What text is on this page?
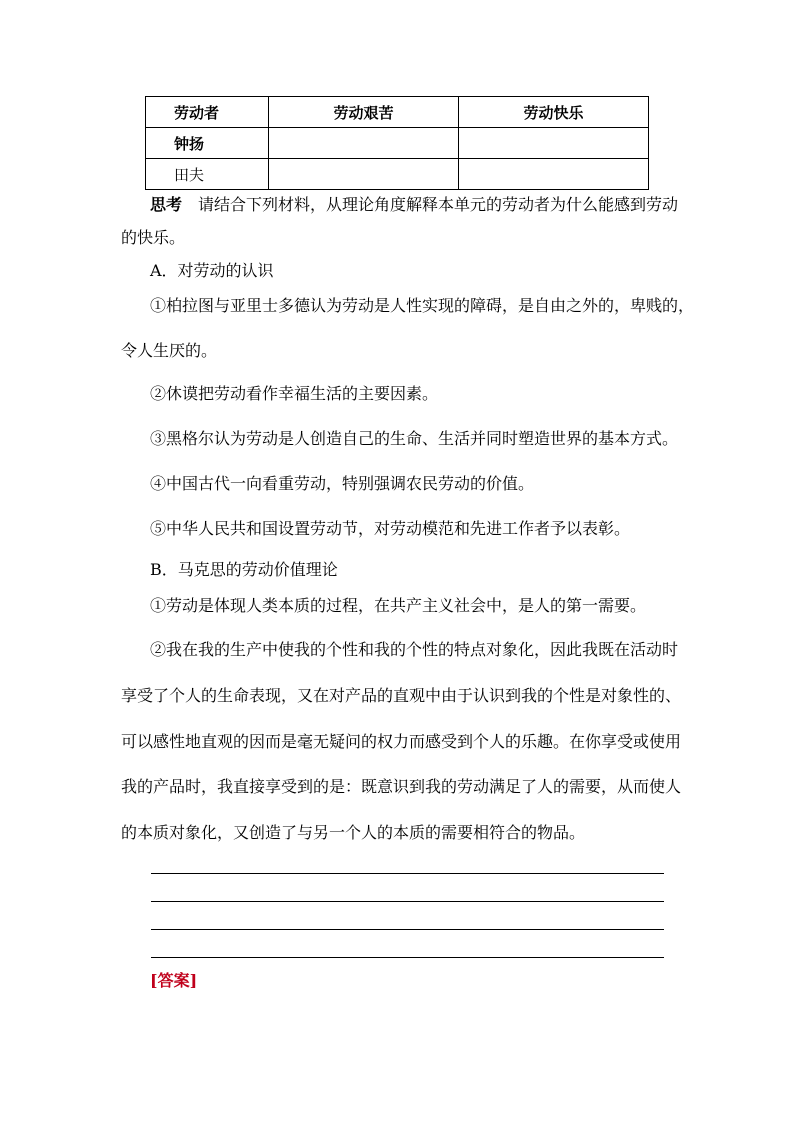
劳动者	劳动艰苦	劳动快乐
钟扬		
田夫		
思考 请结合下列材料，从理论角度解释本单元的劳动者为什么能感到劳动
的快乐。
A．对劳动的认识
①柏拉图与亚里士多德认为劳动是人性实现的障碍，是自由之外的，卑贱的，
令人生厌的。
②休谟把劳动看作幸福生活的主要因素。
③黑格尔认为劳动是人创造自己的生命、生活并同时塑造世界的基本方式。
④中国古代一向看重劳动，特别强调农民劳动的价值。
⑤中华人民共和国设置劳动节，对劳动模范和先进工作者予以表彰。
B．马克思的劳动价值理论
①劳动是体现人类本质的过程，在共产主义社会中，是人的第一需要。
②我在我的生产中使我的个性和我的个性的特点对象化，因此我既在活动时
享受了个人的生命表现，又在对产品的直观中由于认识到我的个性是对象性的、
可以感性地直观的因而是毫无疑问的权力而感受到个人的乐趣。在你享受或使用
我的产品时，我直接享受到的是：既意识到我的劳动满足了人的需要，从而使人
的本质对象化，又创造了与另一个人的本质的需要相符合的物品。
[答案]
